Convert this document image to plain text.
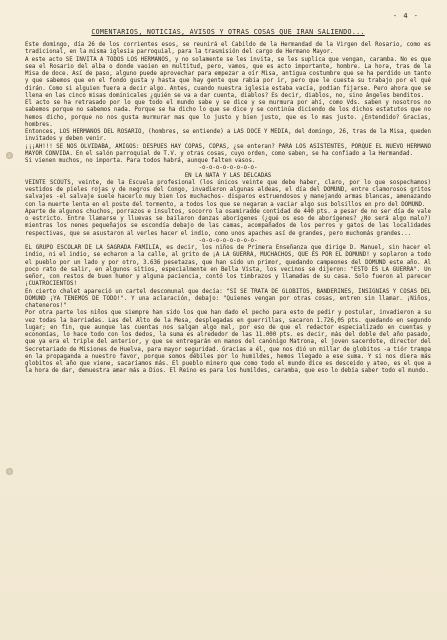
- 4 -
COMENTARIOS, NOTICIAS, AVISOS Y OTRAS COSAS QUE IRAN SALIENDO...

Este domingo, día 26 de los corrientes esos, se reunirá el Cabildo de la Hermandad de la Virgen del Rosario, como es tradicional, en la misma iglesia parroquial, para la trasmisión del cargo de Hermano Mayor.

A este acto SE INVITA A TODOS LOS HERMANOS, y no solamente se les invita, se les suplica que vengan, caramba. No es que sea el Rosario del alba o donde vaoien en multitud, pero, vamos, que es acto importante, hombre. La hora, tras de la Misa de doce. Así de paso, alguno puede aprovechar para empezar a oír Misa, antigua costumbre que se ha perdido un tanto y que sabemos que en el fondo gusta y hasta que hay gente que rabia por ir, pero que le cuesta su trabajo por el qué dirán. Como si alguien fuera a decir algo. Antes, cuando nuestra iglesia estaba vacía, podían fijarse. Pero ahora que se llena en las cinco misas dominicales ¿quién se va a dar cuenta, diablos? Es decir, diablos, no, sino ángeles benditos.

El acto se ha retrasado por lo que todo el mundo sabe y se dice y se murmura por ahí, como Vds. saben y nosotros no sabemos porque no sabemos nada. Porque se ha dicho lo que se dice y se continúa diciendo de los dichos estatutos que no hemos dicho, porque no nos gusta murmurar mas que lo justo y bien justo, que es lo mas justo. ¿Entendido? Gracias, hombres.

Entonces, LOS HERMANOS DEL ROSARIO, (hombres, se entiende) a LAS DOCE Y MEDIA, del domingo, 26, tras de la Misa, queden invitados y deben venir.

¡¡¡AH!!! SE NOS OLVIDABA, AMIGOS: DESPUES HAY COPAS, COPAS, ¿se enteran? PARA LOS ASISTENTES, PORQUE EL NUEVO HERMANO MAYOR CONVIDA. En el salón parroquial de T.V. y otras cosas, cuyo orden, como saben, se ha confiado a la Hermandad.

Si vienen muchos, no importa. Para todos habrá, aunque falten vasos.

-o-o-o-o-o-o-o-o-
EN LA NATA Y LAS DELCADAS

VEINTE SCOUTS, veinte, de la Escuela profesional (los únicos veinte que debe haber, claro, por lo que sospechamos) vestidos de pieles rojas y de negros del Congo, invadieron algunas aldeas, el día del DOMUND, entre clamorosos gritos salvajes -el salvaje suele hacerlo muy bien los muchachos- disparos estruendosos y manejando armas blancas, amenazando con la muerte lenta en el poste del tormento, a todos los que se negaran a vaciar algo sus bolsillos en pro del DOMUND.

Aparte de algunos chuchos, porrazos e insultos, socorro la osamiradde contidad de 440 pts. a pesar de no ser día de vale o estricto. Entre llamarse y lluevas se bailaron danzas aborígenes (¿qué os eso de aborígenes? ¿No será algo malo?) mientras los nenes pequeñajos se escondía debajo de las camas, acompañados de los perros y gatos de las localidades respectivas, que se asustaron al verles hacer el indio, como unos apaches así de grandes, pero muchomás grandes...

-o-o-o-o-o-o-o-o-

EL GRUPO ESCOLAR DE LA SAGRADA FAMILIA, es decir, los niños de Primera Enseñanza que dirige D. Manuel, sin hacer el indio, ni el indio, se echaron a la calle, al grito de ¡A LA GUERRA, MUCHACHOS, QUE ES POR EL DOMUND! y soplaron a todo el pueblo por un lado y por otro, 3.636 pesetazas, que han sido un primor, quedando campeones del DOMUND este año. Al poco rato de salir, en algunos sitios, especialmente en Bella Vista, los vecinos se dijeron: "ESTO ES LA GUERRA". Un señor, con restos de buen humor y alguna paciencia, contó los timbrazos y llamadas de su casa. Solo fueron al parecer ¡CUATROCIENTOS!

En cierto chalet apareció un cartel descomunal que decía: "SI SE TRATA DE GLOBITOS, BANDERINES, INSIGNIAS Y COSAS DEL DOMUND ¡YA TENEMOS DE TODO!". Y una aclaración, debajo: "Quienes vengan por otras cosas, entren sin llamar. ¡Niños, chateneros!"

Por otra parte los niños que siempre han sido los que han dado el pecho para esto de pedir y postular, invadieron a su vez todas la barriadas. Las del Alto de la Mesa, desplegadas en guerrillas, sacaron 1.726,05 pts. quedando en segundo lugar; en fin, que aunque las cuentas nos salgan algo mal, por eso de que el redactor especializado en cuentas y economías, lo hace todo con los dedos, la suma es alrededor de las 11.000 pts. es decir, más del doble del año pasado, que ya era el triple del anterior, y que se entregarán en manos del canónigo Matrona, el joven sacerdote, director del Secretariado de Misiones de Huelva, para mayor seguridad. Gracias a él, que nos dió un millar de globitos -a tiór trampa en la propaganda a nuestro favor, porque somos débiles por lo humildes, hemos llegado a ese suma. Y si nos diera más globitos el año que viene, sacaríamos más. El pueblo minero que como todo el mundo dice es desceido y ateo, es el que a la hora de dar, demuestra amar más a Dios. El Reino es para los humildes, caramba, que eso lo debía saber todo el mundo.
